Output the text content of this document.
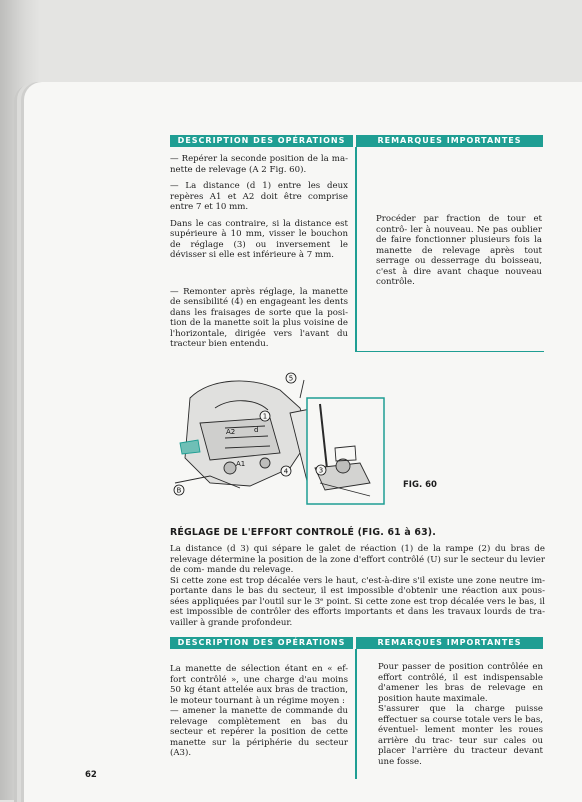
DESCRIPTION DES OPÉRATIONS	REMARQUES IMPORTANTES

— Repérer la seconde position de la ma- nette de relevage (A 2 Fig. 60).

— La distance (d 1) entre les deux repères A1 et A2 doit être comprise entre 7 et 10 mm.

Dans le cas contraire, si la distance est supérieure à 10 mm, visser le bouchon de réglage (3) ou inversement le dévisser si elle est inférieure à 7 mm.

— Remonter après réglage, la manette de sensibilité (4) en engageant les dents dans les fraisages de sorte que la posi- tion de la manette soit la plus voisine de l'horizontale, dirigée vers l'avant du tracteur bien entendu.

Procéder par fraction de tour et contrô- ler à nouveau. Ne pas oublier de faire fonctionner plusieurs fois la manette de relevage après tout serrage ou desserrage du boisseau, c'est à dire avant chaque nouveau contrôle.
5
1
3
4
B
A2
A1
d
FIG. 60
RÉGLAGE DE L'EFFORT CONTROLÉ (FIG. 61 à 63).

La distance (d 3) qui sépare le galet de réaction (1) de la rampe (2) du bras de relevage détermine la position de la zone d'effort contrôlé (U) sur le secteur du levier de com- mande du relevage.

Si cette zone est trop décalée vers le haut, c'est-à-dire s'il existe une zone neutre im- portante dans le bas du secteur, il est impossible d'obtenir une réaction aux pous- sées appliquées par l'outil sur le 3ᵉ point. Si cette zone est trop décalée vers le bas, il est impossible de contrôler des efforts importants et dans les travaux lourds de tra- vailler à grande profondeur.

DESCRIPTION DES OPÉRATIONS	REMARQUES IMPORTANTES

La manette de sélection étant en « ef- fort contrôlé », une charge d'au moins 50 kg étant attelée aux bras de traction, le moteur tournant à un régime moyen :

— amener la manette de commande du relevage complètement en bas du secteur et repérer la position de cette manette sur la périphérie du secteur (A3).

Pour passer de position contrôlée en effort contrôlé, il est indispensable d'amener les bras de relevage en position haute maximale.

S'assurer que la charge puisse effectuer sa course totale vers le bas, éventuel- lement monter les roues arrière du trac- teur sur cales ou placer l'arrière du tracteur devant une fosse.

62
